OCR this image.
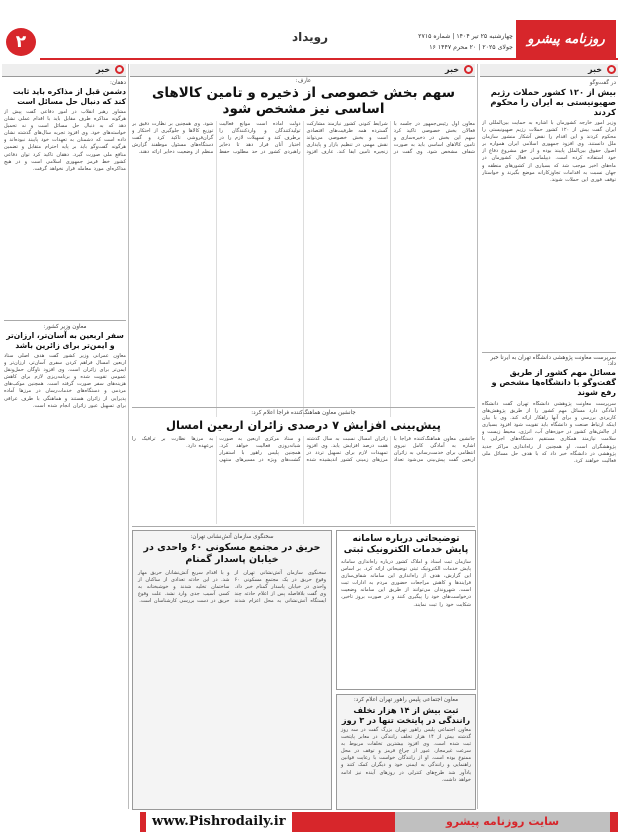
۲	رویداد	چهارشنبه ۲۵ تیر ۱۴۰۴ | شماره ۲۷۱۵
۱۶ جولای ۲۰۲۵ | ۲۰ محرم ۱۴۴۷
روزنامه پیشرو
خبر
خبر
خبر
در گفت‌وگو
بیش از ۱۲۰ کشور حملات رژیم صهیونیستی به ایران را محکوم کردند
وزیر امور خارجه کشورمان با اشاره به حمایت بین‌المللی از ایران گفت بیش از ۱۲۰ کشور حملات رژیم صهیونیستی را محکوم کردند و این اقدام را نقض آشکار منشور سازمان ملل دانستند. وی افزود جمهوری اسلامی ایران همواره بر اصول حقوق بین‌الملل پایبند بوده و از حق مشروع دفاع از خود استفاده کرده است. دیپلماسی فعال کشورمان در ماه‌های اخیر موجب شد که بسیاری از کشورهای منطقه و جهان نسبت به اقدامات تجاوزکارانه موضع بگیرند و خواستار توقف فوری این حملات شوند.
سرپرست معاونت پژوهشی دانشگاه تهران به ایرنا خبر داد:
مسائل مهم کشور از طریق گفت‌وگو با دانشگاه‌ها مشخص و رفع شوند
سرپرست معاونت پژوهشی دانشگاه تهران گفت دانشگاه آمادگی دارد مسائل مهم کشور را از طریق پژوهش‌های کاربردی بررسی و برای آنها راهکار ارائه کند. وی با بیان اینکه ارتباط صنعت و دانشگاه باید تقویت شود افزود بسیاری از چالش‌های کشور در حوزه‌های آب، انرژی، محیط زیست و سلامت نیازمند همکاری مستقیم دستگاه‌های اجرایی با پژوهشگران است. او همچنین از راه‌اندازی مراکز جدید پژوهشی در دانشگاه خبر داد که با هدف حل مسائل ملی فعالیت خواهند کرد.
عارف:
سهم بخش خصوصی از ذخیره و تامین کالاهای اساسی نیز مشخص شود
معاون اول رئیس‌جمهور در جلسه با فعالان بخش خصوصی تاکید کرد سهم این بخش در ذخیره‌سازی و تامین کالاهای اساسی باید به صورت شفاف مشخص شود. وی گفت در شرایط کنونی کشور نیازمند مشارکت گسترده همه ظرفیت‌های اقتصادی است و بخش خصوصی می‌تواند نقش مهمی در تنظیم بازار و پایداری زنجیره تامین ایفا کند. عارف افزود دولت آماده است موانع فعالیت تولیدکنندگان و واردکنندگان را برطرف کند و تسهیلات لازم را در اختیار آنان قرار دهد تا ذخایر راهبردی کشور در حد مطلوب حفظ شود. وی همچنین بر نظارت دقیق بر توزیع کالاها و جلوگیری از احتکار و گران‌فروشی تاکید کرد و گفت دستگاه‌های مسئول موظفند گزارش منظم از وضعیت ذخایر ارائه دهند.
جانشین معاون هماهنگ‌کننده فراجا اعلام کرد:
پیش‌بینی افزایش ۷ درصدی زائران اربعین امسال
جانشین معاون هماهنگ‌کننده فراجا با اشاره به آمادگی کامل نیروی انتظامی برای خدمت‌رسانی به زائران اربعین گفت پیش‌بینی می‌شود تعداد زائران امسال نسبت به سال گذشته هفت درصد افزایش یابد. وی افزود تمهیدات لازم برای تسهیل تردد در مرزهای زمینی کشور اندیشیده شده و ستاد مرکزی اربعین به صورت شبانه‌روزی فعالیت خواهد کرد. همچنین پلیس راهور با استقرار گشت‌های ویژه در مسیرهای منتهی به مرزها نظارت بر ترافیک را برعهده دارد.
توضیحاتی درباره سامانه پایش خدمات الکترونیک ثبتی
سازمان ثبت اسناد و املاک کشور درباره راه‌اندازی سامانه پایش خدمات الکترونیک ثبتی توضیحاتی ارائه کرد. بر اساس این گزارش، هدف از راه‌اندازی این سامانه شفاف‌سازی فرایندها و کاهش مراجعات حضوری مردم به ادارات ثبت است. شهروندان می‌توانند از طریق این سامانه وضعیت درخواست‌های خود را پیگیری کنند و در صورت بروز تاخیر، شکایت خود را ثبت نمایند.
سخنگوی سازمان آتش‌نشانی تهران:
حریق در مجتمع مسکونی ۶۰ واحدی در خیابان پاسدار گمنام
سخنگوی سازمان آتش‌نشانی تهران از وقوع حریق در یک مجتمع مسکونی ۶۰ واحدی در خیابان پاسدار گمنام خبر داد. وی گفت بلافاصله پس از اعلام حادثه چند ایستگاه آتش‌نشانی به محل اعزام شدند و با اقدام سریع آتش‌نشانان حریق مهار شد. در این حادثه تعدادی از ساکنان از ساختمان تخلیه شدند و خوشبختانه به کسی آسیب جدی وارد نشد. علت وقوع حریق در دست بررسی کارشناسان است.
معاون اجتماعی پلیس راهور تهران اعلام کرد:
ثبت بیش از ۱۴ هزار تخلف رانندگی در پایتخت تنها در ۳ روز
معاون اجتماعی پلیس راهور تهران بزرگ گفت در سه روز گذشته بیش از ۱۴ هزار تخلف رانندگی در معابر پایتخت ثبت شده است. وی افزود بیشترین تخلفات مربوط به سرعت غیرمجاز، عبور از چراغ قرمز و توقف در محل ممنوع بوده است. او از رانندگان خواست با رعایت قوانین راهنمایی و رانندگی به ایمنی خود و دیگران کمک کنند و یادآور شد طرح‌های کنترلی در روزهای آینده نیز ادامه خواهد داشت.
دهقان:
دشمن قبل از مذاکره باید ثابت کند که دنبال حل مسائل است
مشاور رهبر انقلاب در امور دفاعی گفت پیش از هرگونه مذاکره طرف مقابل باید با اقدام عملی نشان دهد که به دنبال حل مسائل است و نه تحمیل خواسته‌های خود. وی افزود تجربه سال‌های گذشته نشان داده است که دشمنان به تعهدات خود پایبند نبوده‌اند و هرگونه گفت‌وگو باید بر پایه احترام متقابل و تضمین منافع ملی صورت گیرد. دهقان تاکید کرد توان دفاعی کشور خط قرمز جمهوری اسلامی است و در هیچ مذاکره‌ای مورد معامله قرار نخواهد گرفت.
معاون وزیر کشور:
سفر اربعین به آسان‌تر، ارزان‌تر و ایمن‌تر برای زائرین باشد
معاون عمرانی وزیر کشور گفت هدف اصلی ستاد اربعین امسال فراهم کردن سفری آسان‌تر، ارزان‌تر و ایمن‌تر برای زائران است. وی افزود ناوگان حمل‌ونقل عمومی تقویت شده و برنامه‌ریزی لازم برای کاهش هزینه‌های سفر صورت گرفته است. همچنین موکب‌های مردمی و دستگاه‌های خدمات‌رسان در مرزها آماده پذیرایی از زائران هستند و هماهنگی با طرف عراقی برای تسهیل عبور زائران انجام شده است.
www.Pishrodaily.ir	سایت روزنامه پیشرو
